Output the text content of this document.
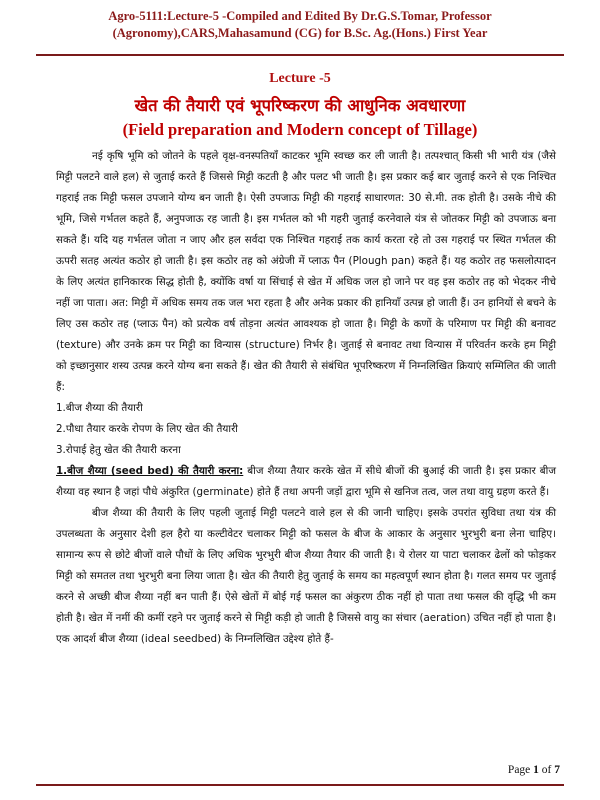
Agro-5111:Lecture-5 -Compiled and Edited By Dr.G.S.Tomar, Professor
(Agronomy),CARS,Mahasamund (CG) for B.Sc. Ag.(Hons.) First Year
Lecture -5
खेत की तैयारी एवं भूपरिष्करण की आधुनिक अवधारणा
(Field preparation and Modern concept of Tillage)

नई कृषि भूमि को जोतने के पहले वृक्ष-वनस्पतियाँ काटकर भूमि स्वच्छ कर ली जाती है। तत्पश्चात् किसी भी भारी यंत्र (जैसे मिट्टी पलटने वाले हल) से जुताई करते हैं जिससे मिट्टी कटती है और पलट भी जाती है। इस प्रकार कई बार जुताई करने से एक निश्चित गहराई तक मिट्टी फसल उपजाने योग्य बन जाती है। ऐसी उपजाऊ मिट्टी की गहराई साधारणत: 30 से.मी. तक होती है। उसके नीचे की भूमि, जिसे गर्भतल कहते हैं, अनुपजाऊ रह जाती है। इस गर्भतल को भी गहरी जुताई करनेवाले यंत्र से जोतकर मिट्टी को उपजाऊ बना सकते हैं। यदि यह गर्भतल जोता न जाए और हल सर्वदा एक निश्चित गहराई तक कार्य करता रहे तो उस गहराई पर स्थित गर्भतल की ऊपरी सतह अत्यंत कठोर हो जाती है। इस कठोर तह को अंग्रेजी में प्लाऊ पैन (Plough pan) कहते हैं। यह कठोर तह फसलोत्पादन के लिए अत्यंत हानिकारक सिद्ध होती है, क्योंकि वर्षा या सिंचाई से खेत में अधिक जल हो जाने पर वह इस कठोर तह को भेदकर नीचे नहीं जा पाता। अत: मिट्टी में अधिक समय तक जल भरा रहता है और अनेक प्रकार की हानियाँ उत्पन्न हो जाती हैं। उन हानियों से बचने के लिए उस कठोर तह (प्लाऊ पैन) को प्रत्येक वर्ष तोड़ना अत्यंत आवश्यक हो जाता है। मिट्टी के कणों के परिमाण पर मिट्टी की बनावट (texture) और उनके क्रम पर मिट्टी का विन्यास (structure) निर्भर है। जुताई से बनावट तथा विन्यास में परिवर्तन करके हम मिट्टी को इच्छानुसार शस्य उत्पन्न करने योग्य बना सकते हैं। खेत की तैयारी से संबंधित भूपरिष्करण में निम्नलिखित क्रियाएं सम्मिलित की जाती हैं:

1.बीज शैय्या की तैयारी

2.पौधा तैयार करके रोपण के लिए खेत की तैयारी

3.रोपाई हेतु खेत की तैयारी करना

1.बीज शैय्या (seed bed) की तैयारी करना: बीज शैय्या तैयार करके खेत में सीधे बीजों की बुआई की जाती है। इस प्रकार बीज शैय्या वह स्थान है जहां पौधे अंकुरित (germinate) होते हैं तथा अपनी जड़ों द्वारा भूमि से खनिज तत्व, जल तथा वायु ग्रहण करते हैं।

बीज शैय्या की तैयारी के लिए पहली जुताई मिट्टी पलटने वाले हल से की जानी चाहिए। इसके उपरांत सुविधा तथा यंत्र की उपलब्धता के अनुसार देशी हल हैरो या कल्टीवेटर चलाकर मिट्टी को फसल के बीज के आकार के अनुसार भुरभुरी बना लेना चाहिए। सामान्य रूप से छोटे बीजों वाले पौधों के लिए अधिक भुरभुरी बीज शैय्या तैयार की जाती है। ये रोलर या पाटा चलाकर ढेलों को फोड़कर मिट्टी को समतल तथा भुरभुरी बना लिया जाता है। खेत की तैयारी हेतु जुताई के समय का महत्वपूर्ण स्थान होता है। गलत समय पर जुताई करने से अच्छी बीज शैय्या नहीं बन पाती हैं। ऐसे खेतों में बोई गई फसल का अंकुरण ठीक नहीं हो पाता तथा फसल की वृद्धि भी कम होती है। खेत में नमीं की कमीं रहने पर जुताई करने से मिट्टी कड़ी हो जाती है जिससे वायु का संचार (aeration) उचित नहीं हो पाता है। एक आदर्श बीज शैय्या (ideal seedbed) के निम्नलिखित उद्देश्य होते हैं-

Page 1 of 7
